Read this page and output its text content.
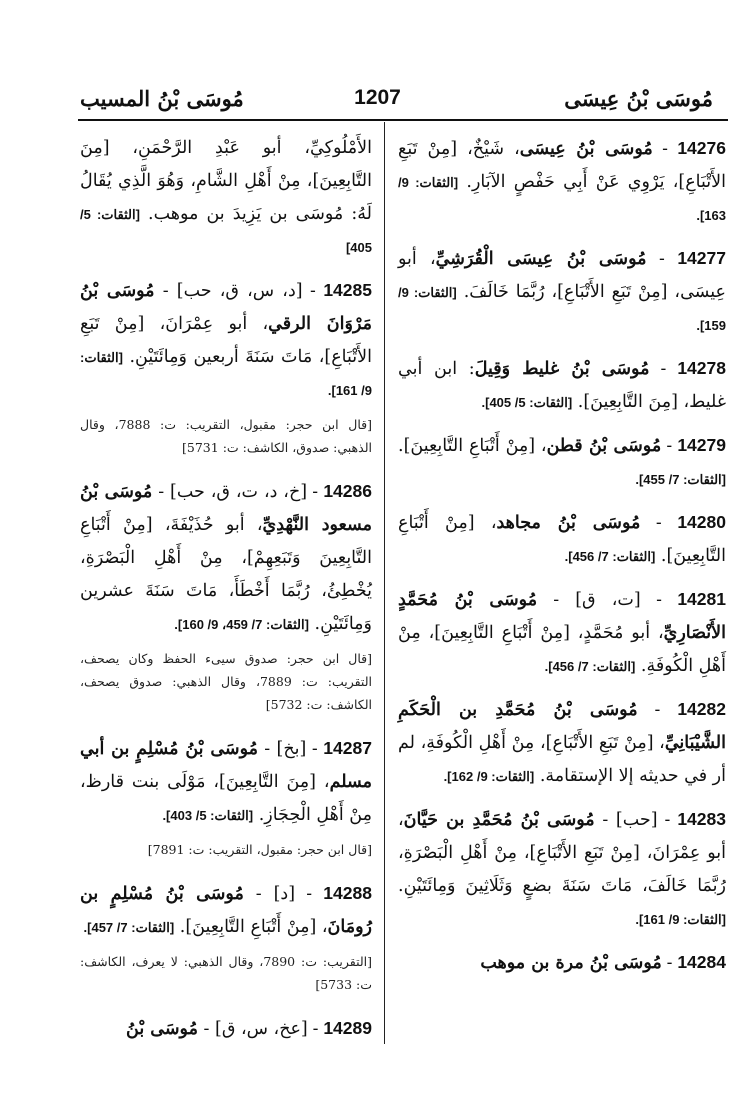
مُوسَى بْنُ عِيسَى
1207
مُوسَى بْنُ المسيب

14276 - مُوسَى بْنُ عِيسَى، شَيْخٌ، [مِنْ تَبَعِ الأَتْبَاعِ]، يَرْوِي عَنْ أَبِي حَفْصٍ الآبَارِ. [الثقات: 9/ 163].

14277 - مُوسَى بْنُ عِيسَى الْقُرَشِيِّ، أبو عِيسَى، [مِنْ تَبَعِ الأَتْبَاعِ]، رُبَّمَا خَالَفَ. [الثقات: 9/ 159].

14278 - مُوسَى بْنُ غليط وَقِيلَ: ابن أبي غليط، [مِنَ التَّابِعِينَ]. [الثقات: 5/ 405].

14279 - مُوسَى بْنُ قطن، [مِنْ أَتْبَاعِ التَّابِعِينَ]. [الثقات: 7/ 455].

14280 - مُوسَى بْنُ مجاهد، [مِنْ أَتْبَاعِ التَّابِعِينَ]. [الثقات: 7/ 456].

14281 - [ت، ق] - مُوسَى بْنُ مُحَمَّدٍ الأَنْصَارِيِّ، أبو مُحَمَّدٍ، [مِنْ أَتْبَاعِ التَّابِعِينَ]، مِنْ أَهْلِ الْكُوفَةِ. [الثقات: 7/ 456].

14282 - مُوسَى بْنُ مُحَمَّدِ بن الْحَكَمِ الشَّيْبَانِيِّ، [مِنْ تَبَعِ الأَتْبَاعِ]، مِنْ أَهْلِ الْكُوفَةِ، لم أر في حديثه إلا الإستقامة. [الثقات: 9/ 162].

14283 - [حب] - مُوسَى بْنُ مُحَمَّدِ بن حَيَّانَ، أبو عِمْرَانَ، [مِنْ تَبَعِ الأَتْبَاعِ]، مِنْ أَهْلِ الْبَصْرَةِ، رُبَّمَا خَالَفَ، مَاتَ سَنَةَ بضعٍ وَثَلَاثِينَ وَمِائَتَيْنِ. [الثقات: 9/ 161].

14284 - مُوسَى بْنُ مرة بن موهب

الأَمْلُوكِيِّ، أبو عَبْدِ الرَّحْمَنِ، [مِنَ التَّابِعِينَ]، مِنْ أَهْلِ الشَّامِ، وَهُوَ الَّذِي يُقَالُ لَهُ: مُوسَى بن يَزِيدَ بن موهب. [الثقات: 5/ 405]

14285 - [د، س، ق، حب] - مُوسَى بْنُ مَرْوَانَ الرقي، أبو عِمْرَانَ، [مِنْ تَبَعِ الأَتْبَاعِ]، مَاتَ سَنَةَ أربعين وَمِائَتَيْنِ. [الثقات: 9/ 161].

[قال ابن حجر: مقبول، التقريب: ت: 7888، وقال الذهبي: صدوق، الكاشف: ت: 5731]

14286 - [خ، د، ت، ق، حب] - مُوسَى بْنُ مسعود النَّهْدِيِّ، أبو حُذَيْفَةَ، [مِنْ أَتْبَاعِ التَّابِعِينَ وَتَبَعِهِمْ]، مِنْ أَهْلِ الْبَصْرَةِ، يُخْطِئُ، رُبَّمَا أَخْطَأَ، مَاتَ سَنَةَ عشرين وَمِائَتَيْنِ. [الثقات: 7/ 459، 9/ 160].

[قال ابن حجر: صدوق سيىء الحفظ وكان يصحف، التقريب: ت: 7889، وقال الذهبي: صدوق يصحف، الكاشف: ت: 5732]

14287 - [بخ] - مُوسَى بْنُ مُسْلِمٍ بن أبي مسلم، [مِنَ التَّابِعِينَ]، مَوْلَى بنت قارظ، مِنْ أَهْلِ الْحِجَازِ. [الثقات: 5/ 403].

[قال ابن حجر: مقبول، التقريب: ت: 7891]

14288 - [د] - مُوسَى بْنُ مُسْلِمٍ بن رُومَانَ، [مِنْ أَتْبَاعِ التَّابِعِينَ]. [الثقات: 7/ 457].

[التقريب: ت: 7890، وقال الذهبي: لا يعرف، الكاشف: ت: 5733]

14289 - [عخ، س، ق] - مُوسَى بْنُ
